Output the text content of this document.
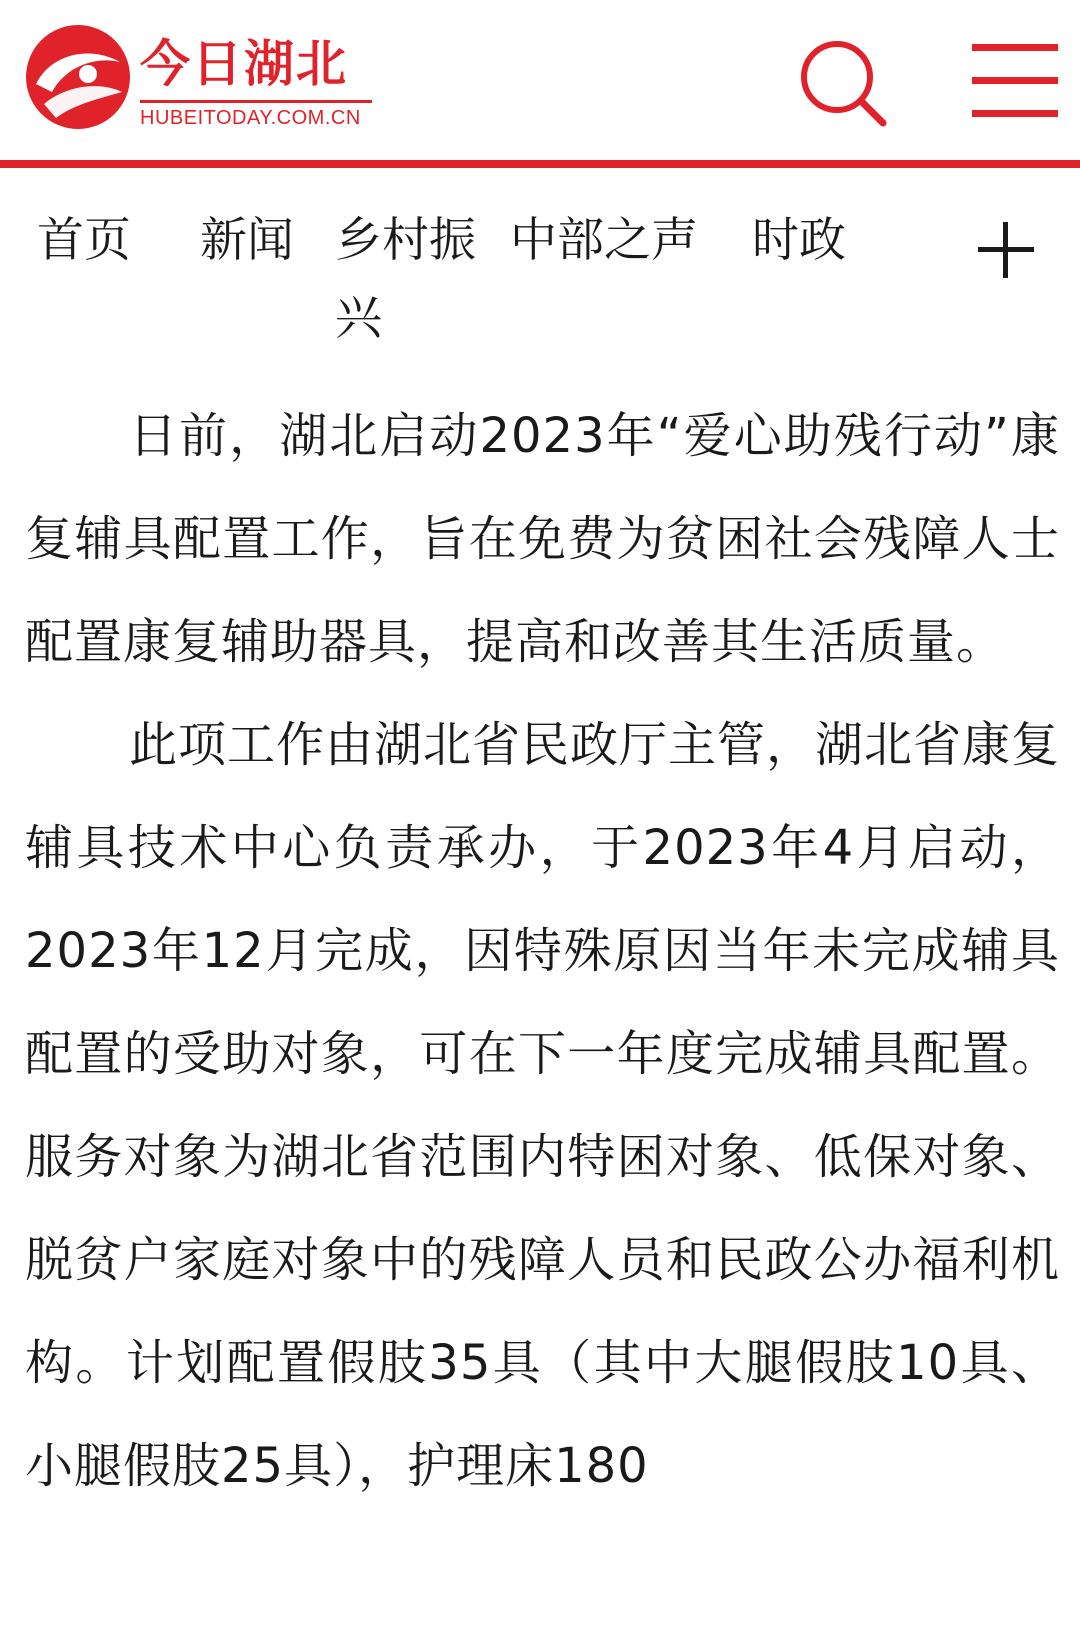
今日湖北
HUBEITODAY.COM.CN
首页 新闻 乡村振兴
中部之声 时政

日前，湖北启动2023年“爱心助残行动”康复辅具配置工作，旨在免费为贫困社会残障人士配置康复辅助器具，提高和改善其生活质量。

此项工作由湖北省民政厅主管，湖北省康复辅具技术中心负责承办，于2023年4月启动，2023年12月完成，因特殊原因当年未完成辅具配置的受助对象，可在下一年度完成辅具配置。服务对象为湖北省范围内特困对象、低保对象、脱贫户家庭对象中的残障人员和民政公办福利机构。计划配置假肢35具（其中大腿假肢10具、小腿假肢25具），护理床180
